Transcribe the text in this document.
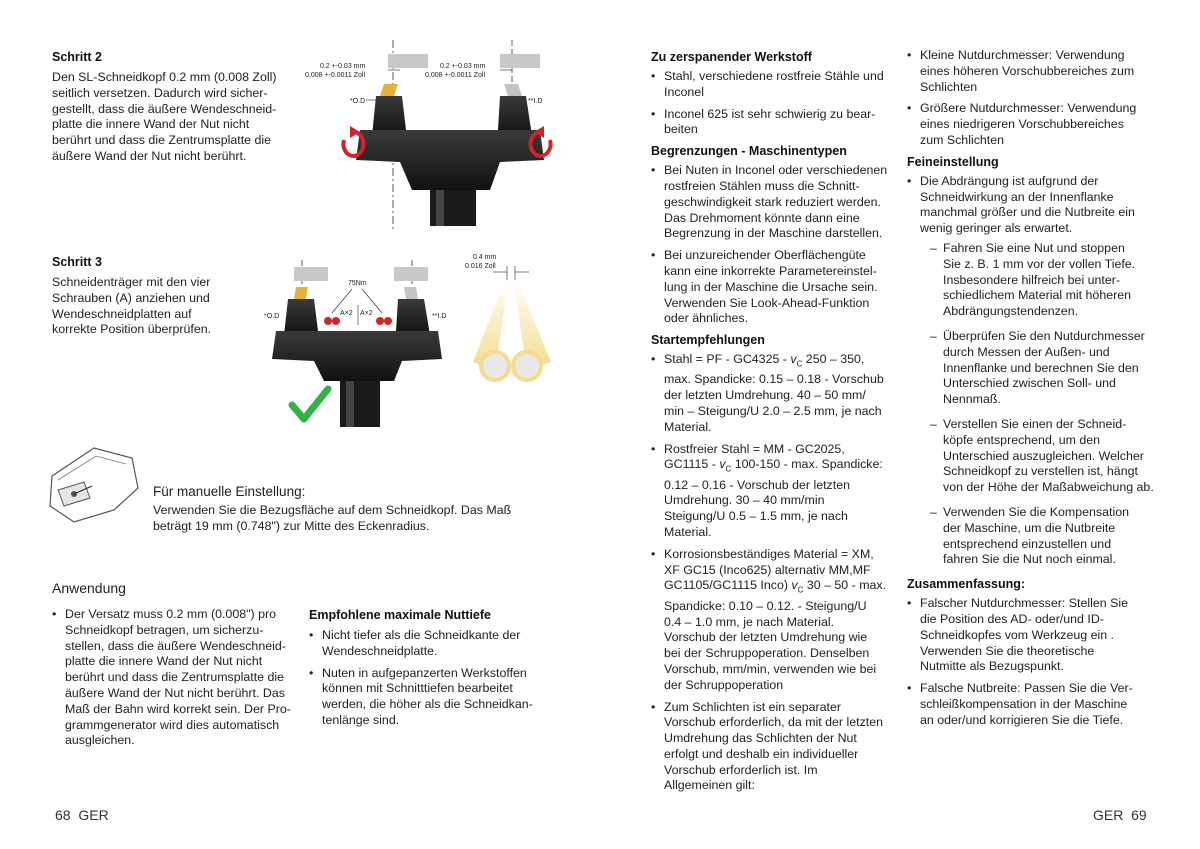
Schritt 2
Den SL-Schneidkopf 0.2 mm (0.008 Zoll)
seitlich versetzen. Dadurch wird sicher-
gestellt, dass die äußere Wendeschneid-
platte die innere Wand der Nut nicht
berührt und dass die Zentrumsplatte die
äußere Wand der Nut nicht berührt.
0.2 +-0.03 mm
0.008 +-0.0011 Zoll
0.2 +-0.03 mm
0.008 +-0.0011 Zoll
*O.D	**I.D
Schritt 3
Schneidenträger mit den vier
Schrauben (A) anziehen und
Wendeschneidplatten auf
korrekte Position überprüfen.
75Nm
A×2 A×2
*O.D	**I.D
0.4 mm
0.016 Zoll
Für manuelle Einstellung:
Verwenden Sie die Bezugsfläche auf dem Schneidkopf. Das Maß
beträgt 19 mm (0.748") zur Mitte des Eckenradius.
Anwendung
• Der Versatz muss 0.2 mm (0.008") pro
Schneidkopf betragen, um sicherzu-
stellen, dass die äußere Wendeschneid-
platte die innere Wand der Nut nicht
berührt und dass die Zentrumsplatte die
äußere Wand der Nut nicht berührt. Das
Maß der Bahn wird korrekt sein. Der Pro-
grammgenerator wird dies automatisch
ausgleichen.
Empfohlene maximale Nuttiefe
• Nicht tiefer als die Schneidkante der
Wendeschneidplatte.
• Nuten in aufgepanzerten Werkstoffen
können mit Schnitttiefen bearbeitet
werden, die höher als die Schneidkan-
tenlänge sind.
68 GER
Zu zerspanender Werkstoff
• Stahl, verschiedene rostfreie Stähle und
Inconel
• Inconel 625 ist sehr schwierig zu bear-
beiten
Begrenzungen - Maschinentypen
• Bei Nuten in Inconel oder verschiedenen
rostfreien Stählen muss die Schnitt-
geschwindigkeit stark reduziert werden.
Das Drehmoment könnte dann eine
Begrenzung in der Maschine darstellen.
• Bei unzureichender Oberflächengüte
kann eine inkorrekte Parametereinstel-
lung in der Maschine die Ursache sein.
Verwenden Sie Look-Ahead-Funktion
oder ähnliches.
Startempfehlungen
• Stahl = PF - $GC4325 - v_C$ 250 – 350,
max. Spandicke: 0.15 – 0.18 - Vorschub
der letzten Umdrehung. 40 – 50 mm/
min – Steigung/U 2.0 – 2.5 mm, je nach
Material.
• Rostfreier Stahl = MM - GC2025,
$GC1115 - v_C$ 100-150 - max. Spandicke:
0.12 – 0.16 - Vorschub der letzten
Umdrehung. 30 – 40 mm/min
Steigung/U 0.5 – 1.5 mm, je nach
Material.
• Korrosionsbeständiges Material = XM,
XF GC15 (Inco625) alternativ MM,MF
GC1105/GC1115 Inco) $v_C$ 30 – 50 - max.
Spandicke: 0.10 – 0.12. - Steigung/U
0.4 – 1.0 mm, je nach Material.
Vorschub der letzten Umdrehung wie
bei der Schruppoperation. Denselben
Vorschub, mm/min, verwenden wie bei
der Schruppoperation
• Zum Schlichten ist ein separater
Vorschub erforderlich, da mit der letzten
Umdrehung das Schlichten der Nut
erfolgt und deshalb ein individueller
Vorschub erforderlich ist. Im
Allgemeinen gilt:
• Kleine Nutdurchmesser: Verwendung
eines höheren Vorschubbereiches zum
Schlichten
• Größere Nutdurchmesser: Verwendung
eines niedrigeren Vorschubbereiches
zum Schlichten
Feineinstellung
• Die Abdrängung ist aufgrund der
Schneidwirkung an der Innenflanke
manchmal größer und die Nutbreite ein
wenig geringer als erwartet.
– Fahren Sie eine Nut und stoppen
Sie z. B. 1 mm vor der vollen Tiefe.
Insbesondere hilfreich bei unter-
schiedlichem Material mit höheren
Abdrängungstendenzen.
– Überprüfen Sie den Nutdurchmesser
durch Messen der Außen- und
Innenflanke und berechnen Sie den
Unterschied zwischen Soll- und
Nennmaß.
– Verstellen Sie einen der Schneid-
köpfe entsprechend, um den
Unterschied auszugleichen. Welcher
Schneidkopf zu verstellen ist, hängt
von der Höhe der Maßabweichung ab.
– Verwenden Sie die Kompensation
der Maschine, um die Nutbreite
entsprechend einzustellen und
fahren Sie die Nut noch einmal.
Zusammenfassung:
• Falscher Nutdurchmesser: Stellen Sie
die Position des AD- oder/und ID-
Schneidkopfes vom Werkzeug ein .
Verwenden Sie die theoretische
Nutmitte als Bezugspunkt.
• Falsche Nutbreite: Passen Sie die Ver-
schleißkompensation in der Maschine
an oder/und korrigieren Sie die Tiefe.
GER 69
